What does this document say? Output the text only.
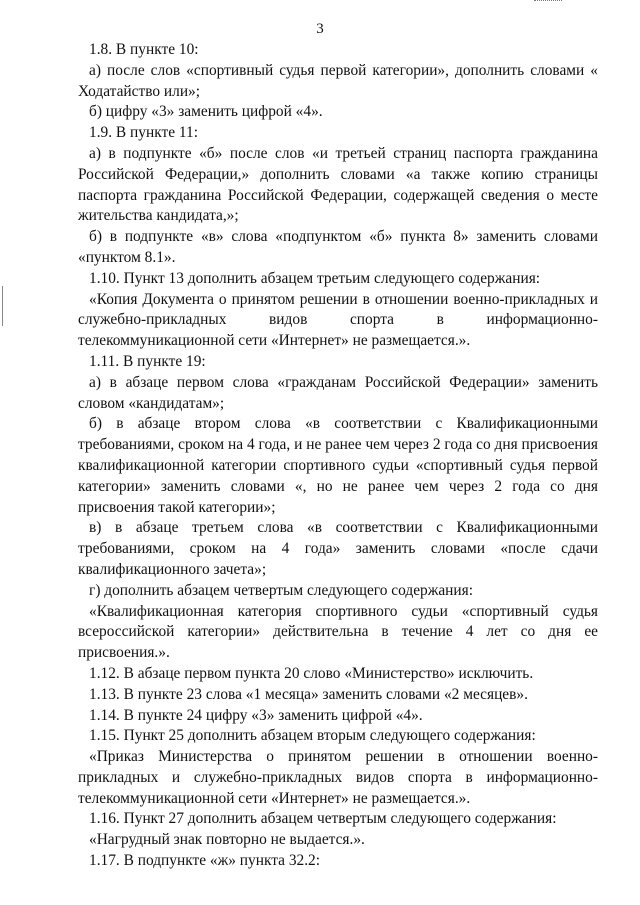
3

1.8. В пункте 10:

а) после слов «спортивный судья первой категории», дополнить словами « Ходатайство или»;

б) цифру «3» заменить цифрой «4».

1.9. В пункте 11:

а) в подпункте «б» после слов «и третьей страниц паспорта гражданина Российской Федерации,» дополнить словами «а также копию страницы паспорта гражданина Российской Федерации, содержащей сведения о месте жительства кандидата,»;

б) в подпункте «в» слова «подпунктом «б» пункта 8» заменить словами «пунктом 8.1».

1.10. Пункт 13 дополнить абзацем третьим следующего содержания:

«Копия Документа о принятом решении в отношении военно-прикладных и служебно-прикладных видов спорта в информационно-телекоммуникационной сети «Интернет» не размещается.».

1.11. В пункте 19:

а) в абзаце первом слова «гражданам Российской Федерации» заменить словом «кандидатам»;

б) в абзаце втором слова «в соответствии с Квалификационными требованиями, сроком на 4 года, и не ранее чем через 2 года со дня присвоения квалификационной категории спортивного судьи «спортивный судья первой категории» заменить словами «, но не ранее чем через 2 года со дня присвоения такой категории»;

в) в абзаце третьем слова «в соответствии с Квалификационными требованиями, сроком на 4 года» заменить словами «после сдачи квалификационного зачета»;

г) дополнить абзацем четвертым следующего содержания:

«Квалификационная категория спортивного судьи «спортивный судья всероссийской категории» действительна в течение 4 лет со дня ее присвоения.».

1.12. В абзаце первом пункта 20 слово «Министерство» исключить.

1.13. В пункте 23 слова «1 месяца» заменить словами «2 месяцев».

1.14. В пункте 24 цифру «3» заменить цифрой «4».

1.15. Пункт 25 дополнить абзацем вторым следующего содержания:

«Приказ Министерства о принятом решении в отношении военно-прикладных и служебно-прикладных видов спорта в информационно-телекоммуникационной сети «Интернет» не размещается.».

1.16. Пункт 27 дополнить абзацем четвертым следующего содержания:

«Нагрудный знак повторно не выдается.».

1.17. В подпункте «ж» пункта 32.2:
